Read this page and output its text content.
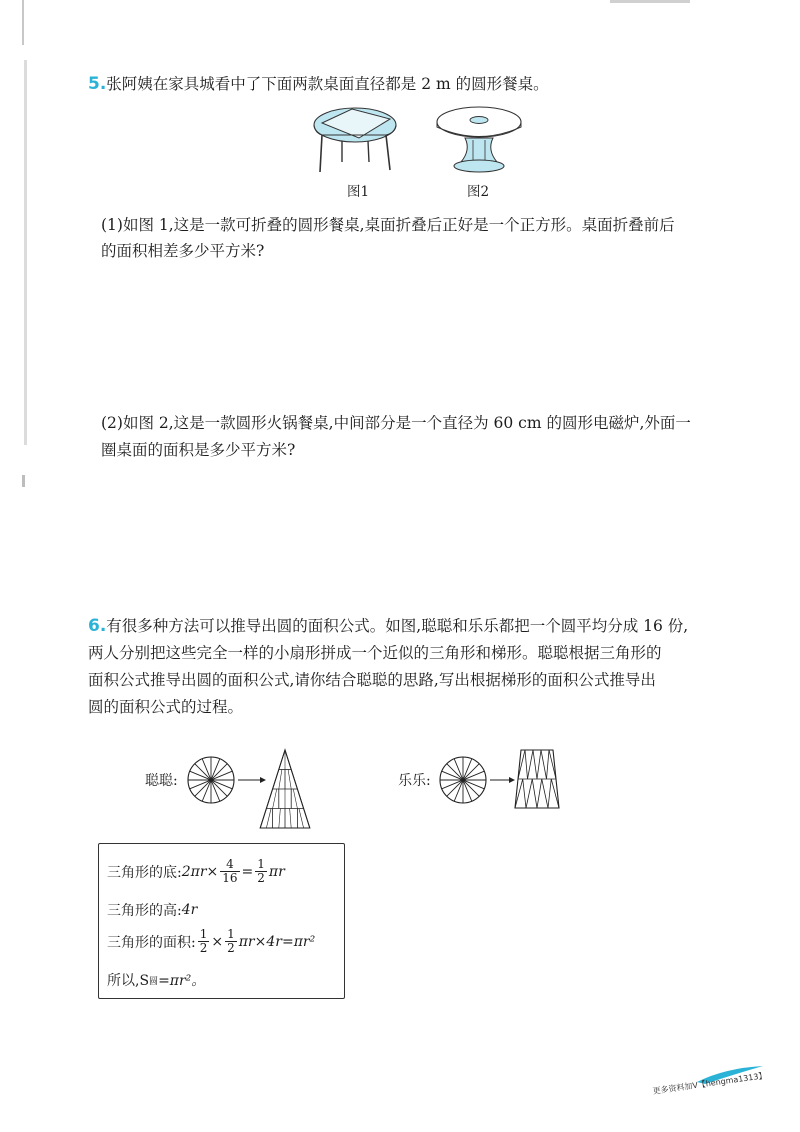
5.张阿姨在家具城看中了下面两款桌面直径都是 2 m 的圆形餐桌。
图1	图2
(1)如图 1,这是一款可折叠的圆形餐桌,桌面折叠后正好是一个正方形。桌面折叠前后
的面积相差多少平方米?
(2)如图 2,这是一款圆形火锅餐桌,中间部分是一个直径为 60 cm 的圆形电磁炉,外面一
圈桌面的面积是多少平方米?
6.有很多种方法可以推导出圆的面积公式。如图,聪聪和乐乐都把一个圆平均分成 16 份,
两人分别把这些完全一样的小扇形拼成一个近似的三角形和梯形。聪聪根据三角形的
面积公式推导出圆的面积公式,请你结合聪聪的思路,写出根据梯形的面积公式推导出
圆的面积公式的过程。
聪聪:	乐乐:
三角形的底: $2\pi r \times \frac{4}{16} = \frac{1}{2}$ πr
三角形的高: 4r
三角形的面积: $\frac{1}{2} \times \frac{1}{2}$ πr ×4r=πr²
所以,S 圆 =πr²。
更多资料加V【hengma1313】
